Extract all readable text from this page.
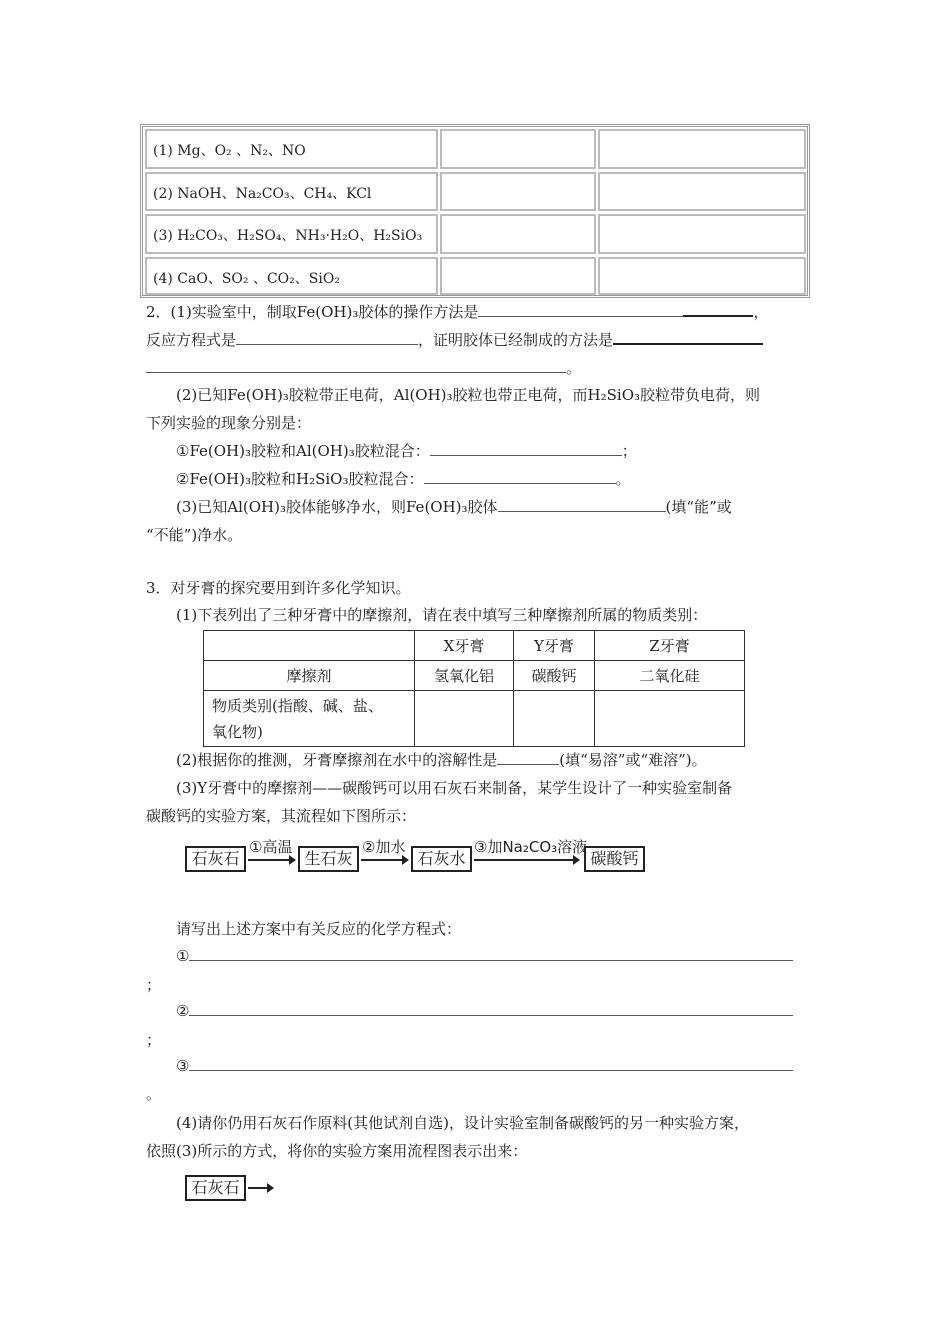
(1) Mg、O₂ 、N₂、NO
(2) NaOH、Na₂CO₃、CH₄、KCl
(3) H₂CO₃、H₂SO₄、NH₃·H₂O、H₂SiO₃
(4) CaO、SO₂ 、CO₂、SiO₂
2．(1)实验室中，制取Fe(OH)₃胶体的操作方法是	，
反应方程式是	，证明胶体已经制成的方法是
。
(2)已知Fe(OH)₃胶粒带正电荷，Al(OH)₃胶粒也带正电荷，而H₂SiO₃胶粒带负电荷，则
下列实验的现象分别是：
①Fe(OH)₃胶粒和Al(OH)₃胶粒混合：	；
②Fe(OH)₃胶粒和H₂SiO₃胶粒混合：	。
(3)已知Al(OH)₃胶体能够净水，则Fe(OH)₃胶体	(填“能”或
“不能”)净水。
3．对牙膏的探究要用到许多化学知识。
(1)下表列出了三种牙膏中的摩擦剂，请在表中填写三种摩擦剂所属的物质类别：
	X牙膏	Y牙膏	Z牙膏
摩擦剂	氢氧化铝	碳酸钙	二氧化硅

物质类别(指酸、碱、盐、
氧化物)			

(2)根据你的推测，牙膏摩擦剂在水中的溶解性是	(填“易溶”或“难溶”)。
(3)Y牙膏中的摩擦剂——碳酸钙可以用石灰石来制备，某学生设计了一种实验室制备
碳酸钙的实验方案，其流程如下图所示：
石灰石
①高温
生石灰
②加水
石灰水
③加Na₂CO₃溶液
碳酸钙
请写出上述方案中有关反应的化学方程式：
①
；
②
；
③
。
(4)请你仍用石灰石作原料(其他试剂自选)，设计实验室制备碳酸钙的另一种实验方案，
依照(3)所示的方式，将你的实验方案用流程图表示出来：
石灰石
